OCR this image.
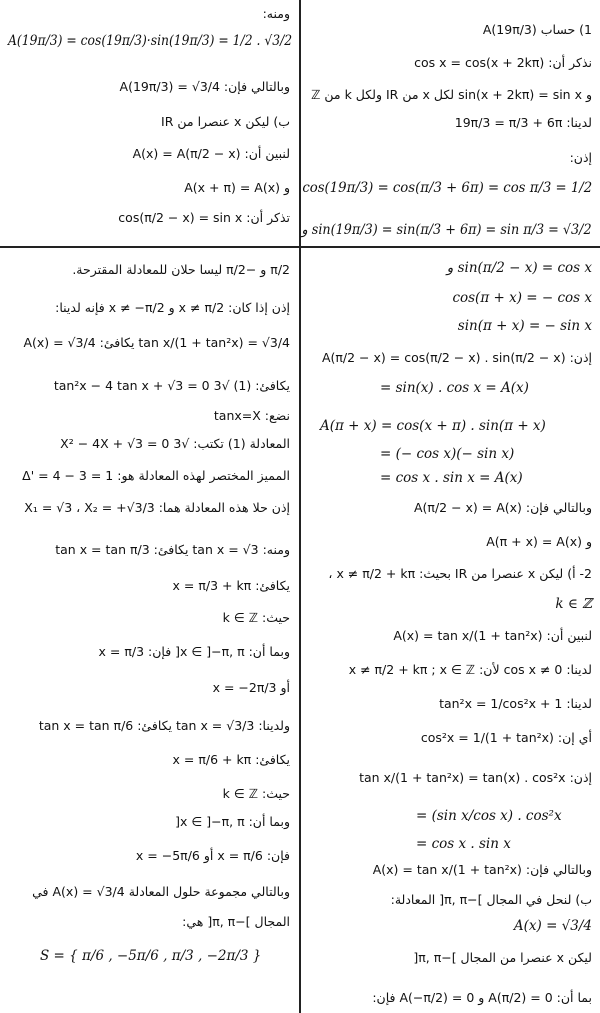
ومنه:
A(19π/3) = cos(19π/3)·sin(19π/3) = 1/2 . √3/2
وبالتالي فإن: A(19π/3) = √3/4
ب) ليكن x عنصرا من IR
لنبين أن: A(x) = A(π/2 − x)
و A(x + π) = A(x)
تذكر أن: cos(π/2 − x) = sin x
1) حساب A(19π/3)
نذكر أن: cos x = cos(x + 2kπ)
و sin(x + 2kπ) = sin x لكل x من IR ولكل k من ℤ
لدينا: 19π/3 = π/3 + 6π
إذن:
cos(19π/3) = cos(π/3 + 6π) = cos π/3 = 1/2
و sin(19π/3) = sin(π/3 + 6π) = sin π/3 = √3/2
π/2 و −π/2 ليسا حلان للمعادلة المقترحة.
إذن إذا كان: x ≠ π/2 و x ≠ −π/2 فإنه لدينا:
tan x/(1 + tan²x) = √3/4 يكافئ: A(x) = √3/4
يكافئ: (1) √3 tan²x − 4 tan x + √3 = 0
نضع: tanx=X
المعادلة (1) تكتب: √3 X² − 4X + √3 = 0
المميز المختصر لهذه المعادلة هو: Δ' = 4 − 3 = 1
إذن حلا هذه المعادلة هما: X₁ = √3 ، X₂ = +√3/3
ومنه: tan x = √3 يكافئ: tan x = tan π/3
يكافئ: x = π/3 + kπ
حيث: k ∈ ℤ
وبما أن: x ∈ ]−π, π[ فإن: x = π/3
أو x = −2π/3
ولدينا: tan x = √3/3 يكافئ: tan x = tan π/6
يكافئ: x = π/6 + kπ
حيث: k ∈ ℤ
وبما أن: x ∈ ]−π, π[
فإن: x = π/6 أو x = −5π/6
وبالتالي مجموعة حلول المعادلة A(x) = √3/4 في
المجال ]−π, π[ هي:
S = { π/6 , −5π/6 , π/3 , −2π/3 }
و sin(π/2 − x) = cos x
cos(π + x) = − cos x
sin(π + x) = − sin x
إذن: A(π/2 − x) = cos(π/2 − x) . sin(π/2 − x)
= sin(x) . cos x = A(x)
A(π + x) = cos(x + π) . sin(π + x)
= (− cos x)(− sin x)
= cos x . sin x = A(x)
وبالتالي فإن: A(π/2 − x) = A(x)
و A(π + x) = A(x)
2- أ) ليكن x عنصرا من IR بحيث: x ≠ π/2 + kπ ،
k ∈ ℤ
لنبين أن: A(x) = tan x/(1 + tan²x)
لدينا: cos x ≠ 0 لأن: x ≠ π/2 + kπ ; x ∈ ℤ
لدينا: 1 + tan²x = 1/cos²x
أي إن: cos²x = 1/(1 + tan²x)
إذن: tan x/(1 + tan²x) = tan(x) . cos²x
= (sin x/cos x) . cos²x
= cos x . sin x
وبالتالي فإن: A(x) = tan x/(1 + tan²x)
ب) لنحل في المجال ]−π, π[ المعادلة:
A(x) = √3/4
ليكن x عنصرا من المجال ]−π, π[
بما أن: A(π/2) = 0 و A(−π/2) = 0 فإن:
